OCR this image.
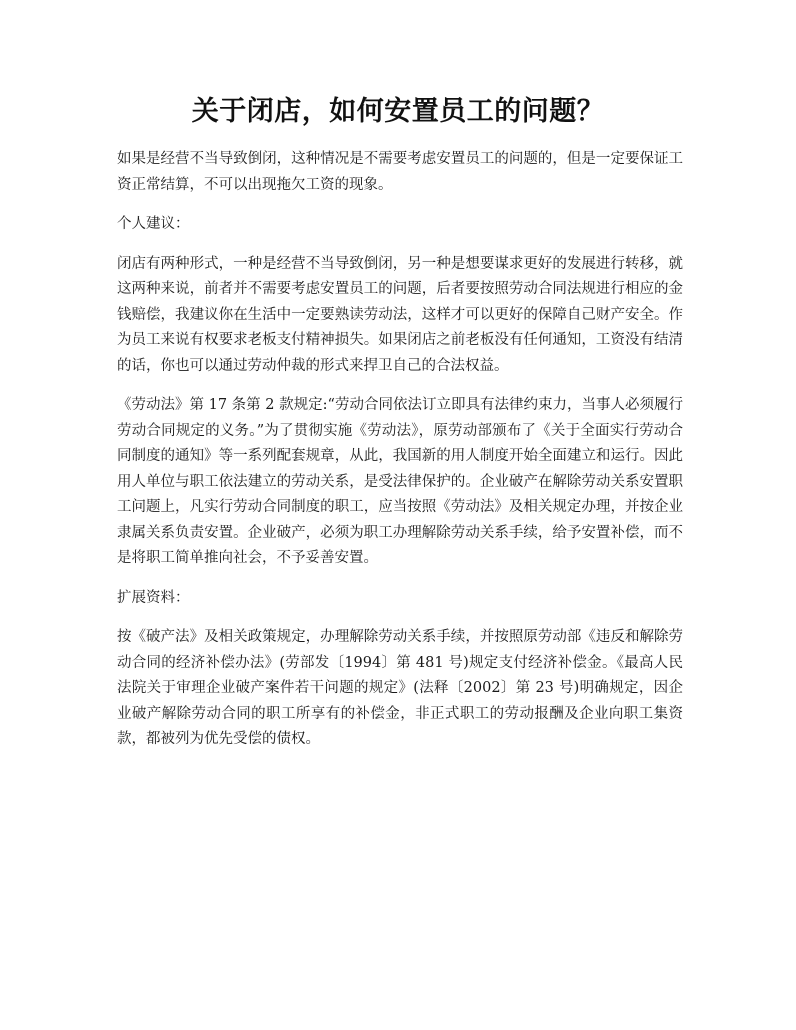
关于闭店，如何安置员工的问题？

如果是经营不当导致倒闭，这种情况是不需要考虑安置员工的问题的，但是一定要保证工资正常结算，不可以出现拖欠工资的现象。

个人建议：

闭店有两种形式，一种是经营不当导致倒闭，另一种是想要谋求更好的发展进行转移，就这两种来说，前者并不需要考虑安置员工的问题，后者要按照劳动合同法规进行相应的金钱赔偿，我建议你在生活中一定要熟读劳动法，这样才可以更好的保障自己财产安全。作为员工来说有权要求老板支付精神损失。如果闭店之前老板没有任何通知，工资没有结清的话，你也可以通过劳动仲裁的形式来捍卫自己的合法权益。

《劳动法》第 17 条第 2 款规定:“劳动合同依法订立即具有法律约束力，当事人必须履行劳动合同规定的义务。”为了贯彻实施《劳动法》，原劳动部颁布了《关于全面实行劳动合同制度的通知》等一系列配套规章，从此，我国新的用人制度开始全面建立和运行。因此用人单位与职工依法建立的劳动关系，是受法律保护的。企业破产在解除劳动关系安置职工问题上，凡实行劳动合同制度的职工，应当按照《劳动法》及相关规定办理，并按企业隶属关系负责安置。企业破产，必须为职工办理解除劳动关系手续，给予安置补偿，而不是将职工简单推向社会，不予妥善安置。

扩展资料：

按《破产法》及相关政策规定，办理解除劳动关系手续，并按照原劳动部《违反和解除劳动合同的经济补偿办法》(劳部发〔1994〕第 481 号)规定支付经济补偿金。《最高人民法院关于审理企业破产案件若干问题的规定》(法释〔2002〕第 23 号)明确规定，因企业破产解除劳动合同的职工所享有的补偿金，非正式职工的劳动报酬及企业向职工集资款，都被列为优先受偿的债权。
